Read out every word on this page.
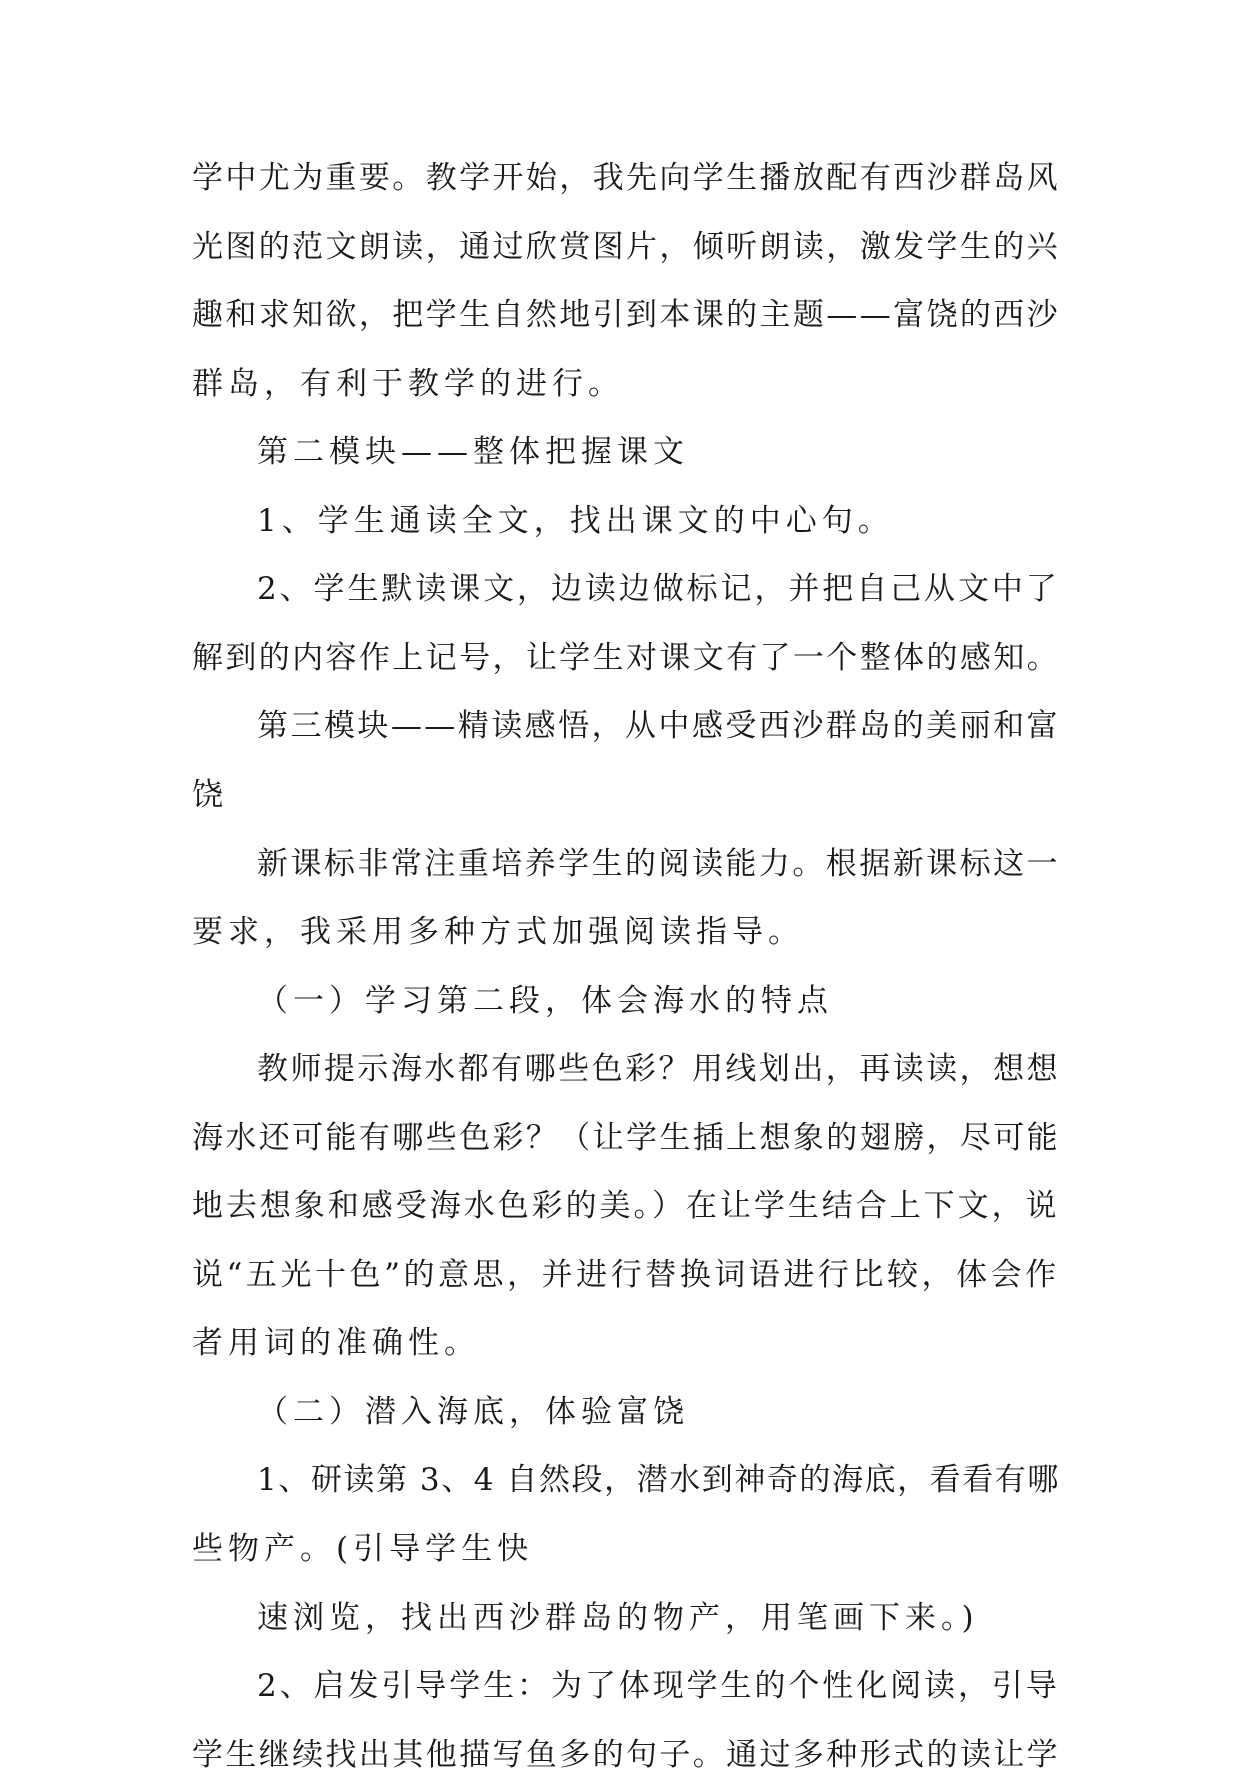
学中尤为重要。教学开始，我先向学生播放配有西沙群岛风
光图的范文朗读，通过欣赏图片，倾听朗读，激发学生的兴
趣和求知欲，把学生自然地引到本课的主题——富饶的西沙
群岛，有利于教学的进行。
第二模块——整体把握课文
1、学生通读全文，找出课文的中心句。
2、学生默读课文，边读边做标记，并把自己从文中了
解到的内容作上记号，让学生对课文有了一个整体的感知。
第三模块——精读感悟，从中感受西沙群岛的美丽和富
饶
新课标非常注重培养学生的阅读能力。根据新课标这一
要求，我采用多种方式加强阅读指导。
（一）学习第二段，体会海水的特点
教师提示海水都有哪些色彩？用线划出，再读读，想想
海水还可能有哪些色彩？（让学生插上想象的翅膀，尽可能
地去想象和感受海水色彩的美。）在让学生结合上下文，说
说“五光十色”的意思，并进行替换词语进行比较，体会作
者用词的准确性。
（二）潜入海底，体验富饶
1、研读第 3、4 自然段，潜水到神奇的海底，看看有哪
些物产。(引导学生快
速浏览，找出西沙群岛的物产，用笔画下来。)
2、启发引导学生：为了体现学生的个性化阅读，引导
学生继续找出其他描写鱼多的句子。通过多种形式的读让学
